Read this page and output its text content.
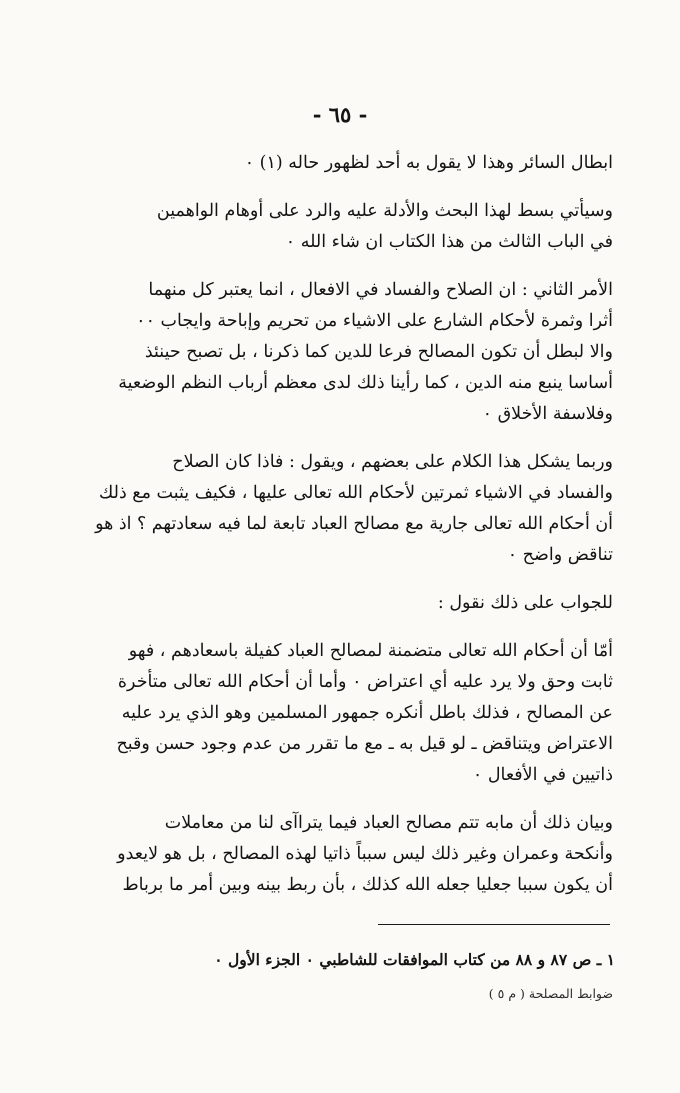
- ٦٥ -

ابطال السائر وهذا لا يقول به أحد لظهور حاله (١) ٠

وسيأتي بسط لهذا البحث والأدلة عليه والرد على أوهام الواهمين
في الباب الثالث من هذا الكتاب ان شاء الله ٠

الأمر الثاني : ان الصلاح والفساد في الافعال ، انما يعتبر كل منهما
أثرا وثمرة لأحكام الشارع على الاشياء من تحريم وإباحة وايجاب ٠٠
والا لبطل أن تكون المصالح فرعا للدين كما ذكرنا ، بل تصبح حينئذ
أساسا ينبع منه الدين ، كما رأينا ذلك لدى معظم أرباب النظم الوضعية
وفلاسفة الأخلاق ٠

وربما يشكل هذا الكلام على بعضهم ، ويقول : فاذا كان الصلاح
والفساد في الاشياء ثمرتين لأحكام الله تعالى عليها ، فكيف يثبت مع ذلك
أن أحكام الله تعالى جارية مع مصالح العباد تابعة لما فيه سعادتهم ؟ اذ هو
تناقض واضح ٠

للجواب على ذلك نقول :

أمّا أن أحكام الله تعالى متضمنة لمصالح العباد كفيلة باسعادهم ، فهو
ثابت وحق ولا يرد عليه أي اعتراض ٠ وأما أن أحكام الله تعالى متأخرة
عن المصالح ، فذلك باطل أنكره جمهور المسلمين وهو الذي يرد عليه
الاعتراض ويتناقض ـ لو قيل به ـ مع ما تقرر من عدم وجود حسن وقبح
ذاتيين في الأفعال ٠

وبيان ذلك أن مابه تتم مصالح العباد فيما يتراآى لنا من معاملات
وأنكحة وعمران وغير ذلك ليس سبباً ذاتيا لهذه المصالح ، بل هو لايعدو
أن يكون سببا جعليا جعله الله كذلك ، بأن ربط بينه وبين أمر ما برباط

١ ـ ص ٨٧ و ٨٨ من كتاب الموافقات للشاطبي ٠ الجزء الأول ٠
ضوابط المصلحة ( م ٥ )
